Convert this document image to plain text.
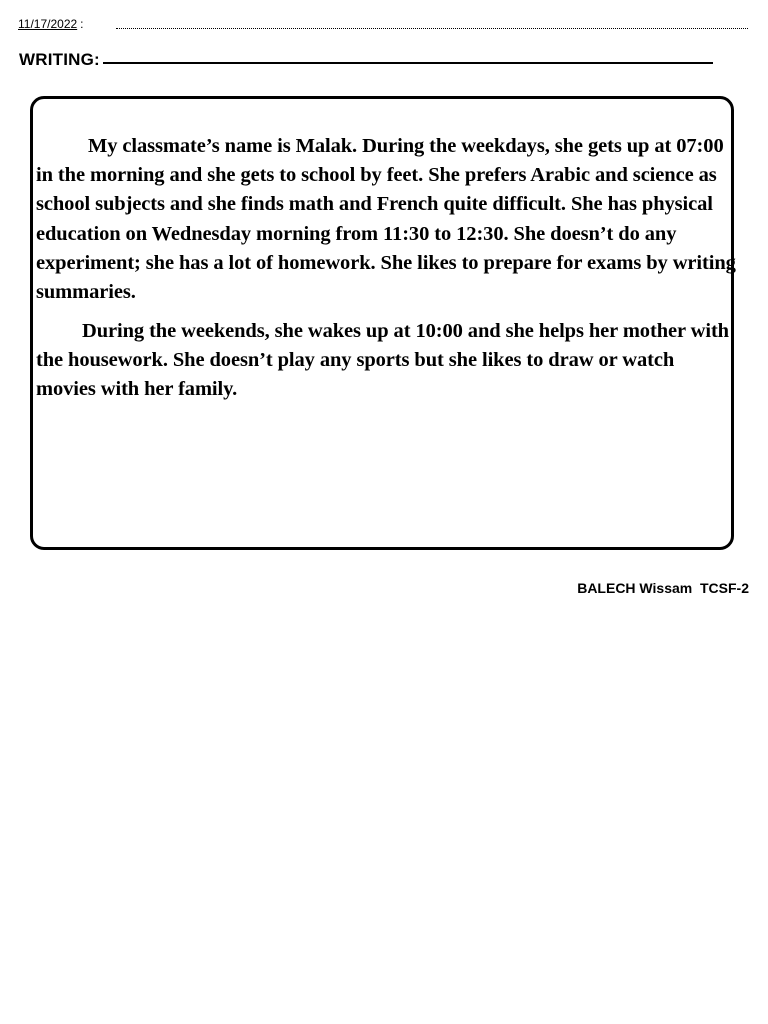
11/17/2022 :
WRITING:

My classmate’s name is Malak. During the weekdays, she gets up at 07:00 in the morning and she gets to school by feet. She prefers Arabic and science as school subjects and she finds math and French quite difficult. She has physical education on Wednesday morning from 11:30 to 12:30. She doesn’t do any experiment; she has a lot of homework. She likes to prepare for exams by writing summaries.

During the weekends, she wakes up at 10:00 and she helps her mother with the housework. She doesn’t play any sports but she likes to draw or watch movies with her family.

BALECH Wissam  TCSF-2
